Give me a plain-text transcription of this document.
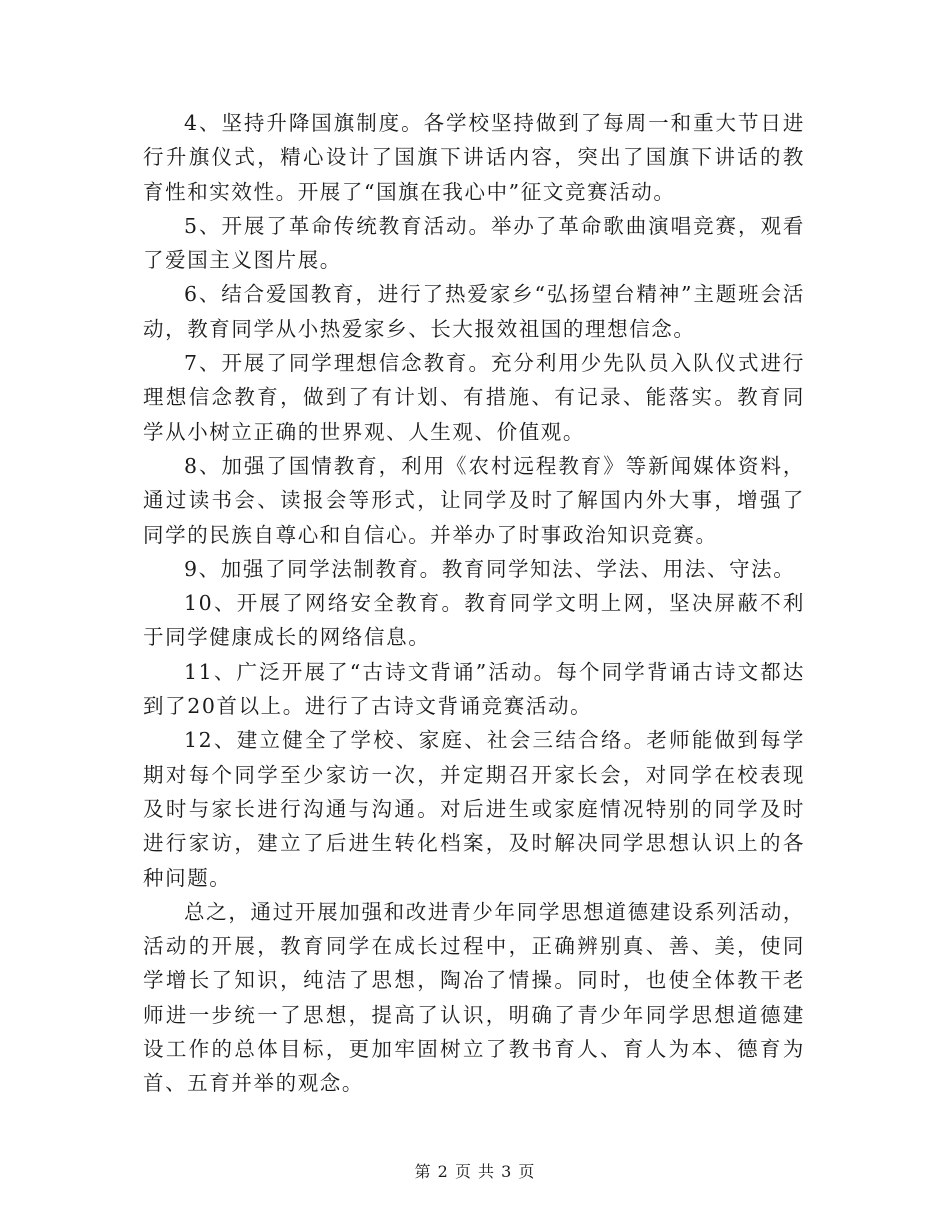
4、坚持升降国旗制度。各学校坚持做到了每周一和重大节日进行升旗仪式，精心设计了国旗下讲话内容，突出了国旗下讲话的教育性和实效性。开展了“国旗在我心中”征文竞赛活动。

5、开展了革命传统教育活动。举办了革命歌曲演唱竞赛，观看了爱国主义图片展。

6、结合爱国教育，进行了热爱家乡“弘扬望台精神”主题班会活动，教育同学从小热爱家乡、长大报效祖国的理想信念。

7、开展了同学理想信念教育。充分利用少先队员入队仪式进行理想信念教育，做到了有计划、有措施、有记录、能落实。教育同学从小树立正确的世界观、人生观、价值观。

8、加强了国情教育，利用《农村远程教育》等新闻媒体资料，通过读书会、读报会等形式，让同学及时了解国内外大事，增强了同学的民族自尊心和自信心。并举办了时事政治知识竞赛。

9、加强了同学法制教育。教育同学知法、学法、用法、守法。

10、开展了网络安全教育。教育同学文明上网，坚决屏蔽不利于同学健康成长的网络信息。

11、广泛开展了“古诗文背诵”活动。每个同学背诵古诗文都达到了20首以上。进行了古诗文背诵竞赛活动。

12、建立健全了学校、家庭、社会三结合络。老师能做到每学期对每个同学至少家访一次，并定期召开家长会，对同学在校表现及时与家长进行沟通与沟通。对后进生或家庭情况特别的同学及时进行家访，建立了后进生转化档案，及时解决同学思想认识上的各种问题。

总之，通过开展加强和改进青少年同学思想道德建设系列活动，活动的开展，教育同学在成长过程中，正确辨别真、善、美，使同学增长了知识，纯洁了思想，陶冶了情操。同时，也使全体教干老师进一步统一了思想，提高了认识，明确了青少年同学思想道德建设工作的总体目标，更加牢固树立了教书育人、育人为本、德育为首、五育并举的观念。

第 2 页 共 3 页
